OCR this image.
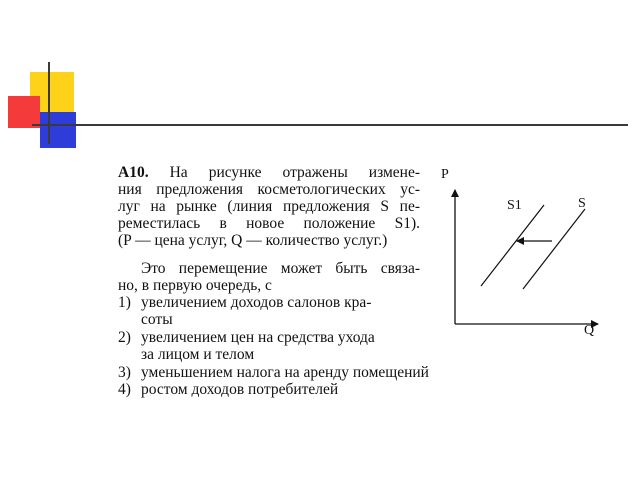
А10. На рисунке отражены измене-
ния предложения косметологических ус-
луг на рынке (линия предложения S пе-
реместилась в новое положение S1).
(P — цена услуг, Q — количество услуг.)
Это перемещение может быть связа-
но, в первую очередь, с
1) увеличением доходов салонов кра-
соты
2) увеличением цен на средства ухода
за лицом и телом
3) уменьшением налога на аренду помещений
4) ростом доходов потребителей
P
Q
S1	S
